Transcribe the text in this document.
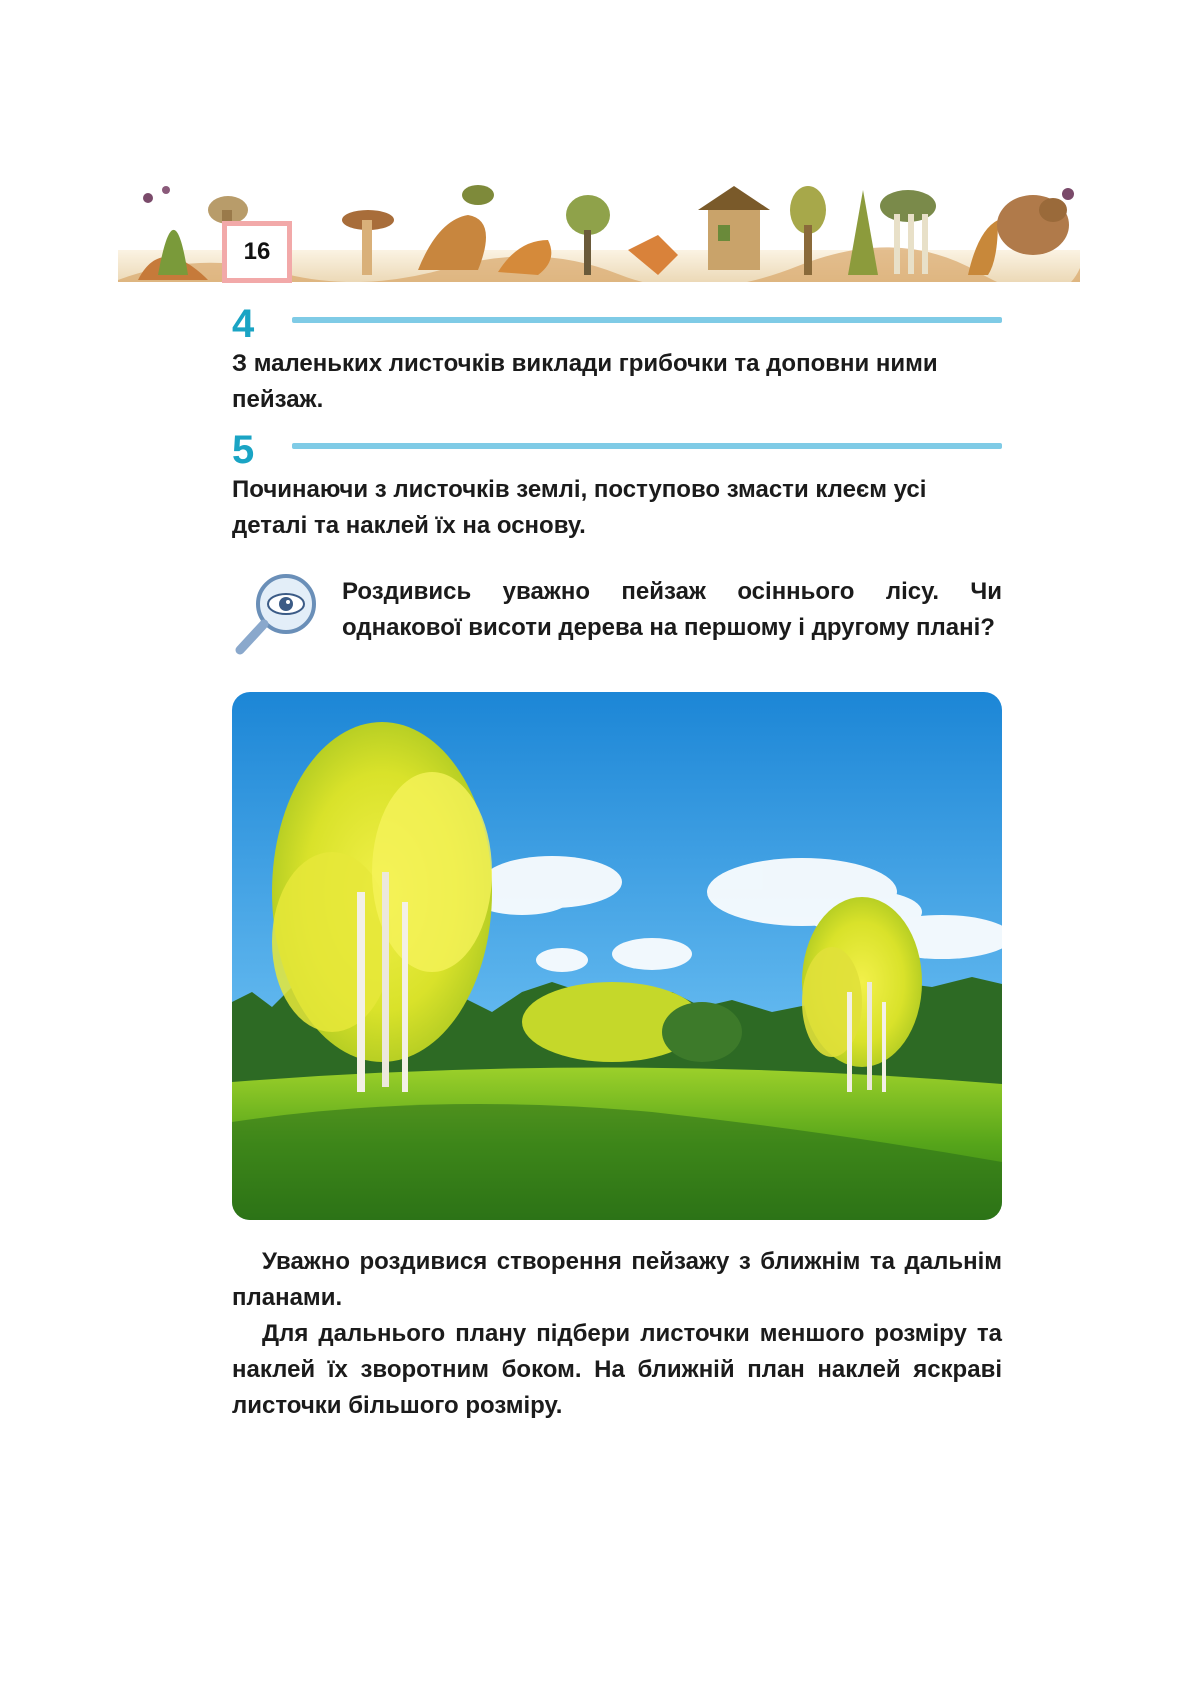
16
4

З маленьких листочків виклади грибочки та доповни ними пейзаж.

5

Починаючи з листочків землі, поступово змасти клеєм усі деталі та наклей їх на основу.

Роздивись уважно пейзаж осіннього лісу. Чи однакової висоти дерева на першому і другому плані?

Уважно роздивися створення пейзажу з ближнім та дальнім планами.

Для дальнього плану підбери листочки меншого розміру та наклей їх зворотним боком. На ближній план наклей яскраві листочки більшого розміру.
